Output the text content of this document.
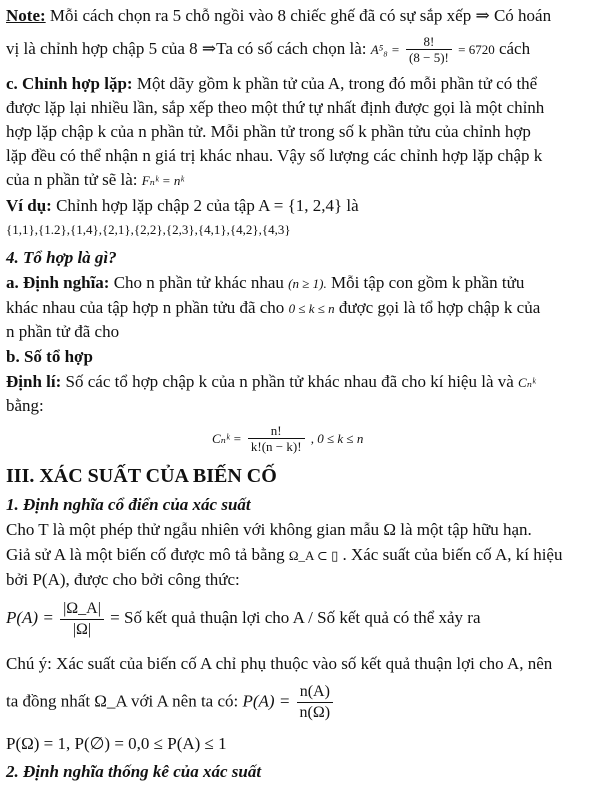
Note: Mỗi cách chọn ra 5 chỗ ngồi vào 8 chiếc ghế đã có sự sắp xếp ⇒ Có hoán
vị là chỉnh hợp chập 5 của 8 ⇒Ta có số cách chọn là: $A^5_8 = \frac{8!}{(8 - 5)!} = 6720$ cách
c. Chỉnh hợp lặp: Một dãy gồm k phần tử của A, trong đó mỗi phần tử có thể
được lặp lại nhiều lần, sắp xếp theo một thứ tự nhất định được gọi là một chỉnh
hợp lặp chập k của n phần tử. Mỗi phần tử trong số k phần tửu của chỉnh hợp
lặp đều có thể nhận n giá trị khác nhau. Vậy số lượng các chỉnh hợp lặp chập k
của n phần tử sẽ là: Fₙᵏ = nᵏ
Ví dụ: Chỉnh hợp lặp chập 2 của tập A = {1, 2,4} là
{1,1},{1.2},{1,4},{2,1},{2,2},{2,3},{4,1},{4,2},{4,3}
4. Tổ hợp là gì?
a. Định nghĩa: Cho n phần tử khác nhau (n ≥ 1). Mỗi tập con gồm k phần tửu
khác nhau của tập hợp n phần tửu đã cho 0 ≤ k ≤ n được gọi là tổ hợp chập k của
n phần tử đã cho
b. Số tổ hợp
Định lí: Số các tổ hợp chập k của n phần tử khác nhau đã cho kí hiệu là và Cₙᵏ
bằng:
Cₙᵏ = $\frac{n!}{k!(n - k)!}$ , 0 ≤ k ≤ n
III. XÁC SUẤT CỦA BIẾN CỐ
1. Định nghĩa cổ điển của xác suất
Cho T là một phép thử ngẫu nhiên với không gian mẫu Ω là một tập hữu hạn.
Giả sử A là một biến cố được mô tả bằng Ω_A ⊂ ▯ . Xác suất của biến cố A, kí hiệu
bởi P(A), được cho bởi công thức:
$P(A) = \frac{|\Omega\_A|}{|\Omega|}$ = Số kết quả thuận lợi cho A / Số kết quả có thể xảy ra
Chú ý: Xác suất của biến cố A chỉ phụ thuộc vào số kết quả thuận lợi cho A, nên
ta đồng nhất Ω_A với A nên ta có: $P(A) = \frac{n(A)}{n(\Omega)}$
P(Ω) = 1, P(∅) = 0,0 ≤ P(A) ≤ 1
2. Định nghĩa thống kê của xác suất
